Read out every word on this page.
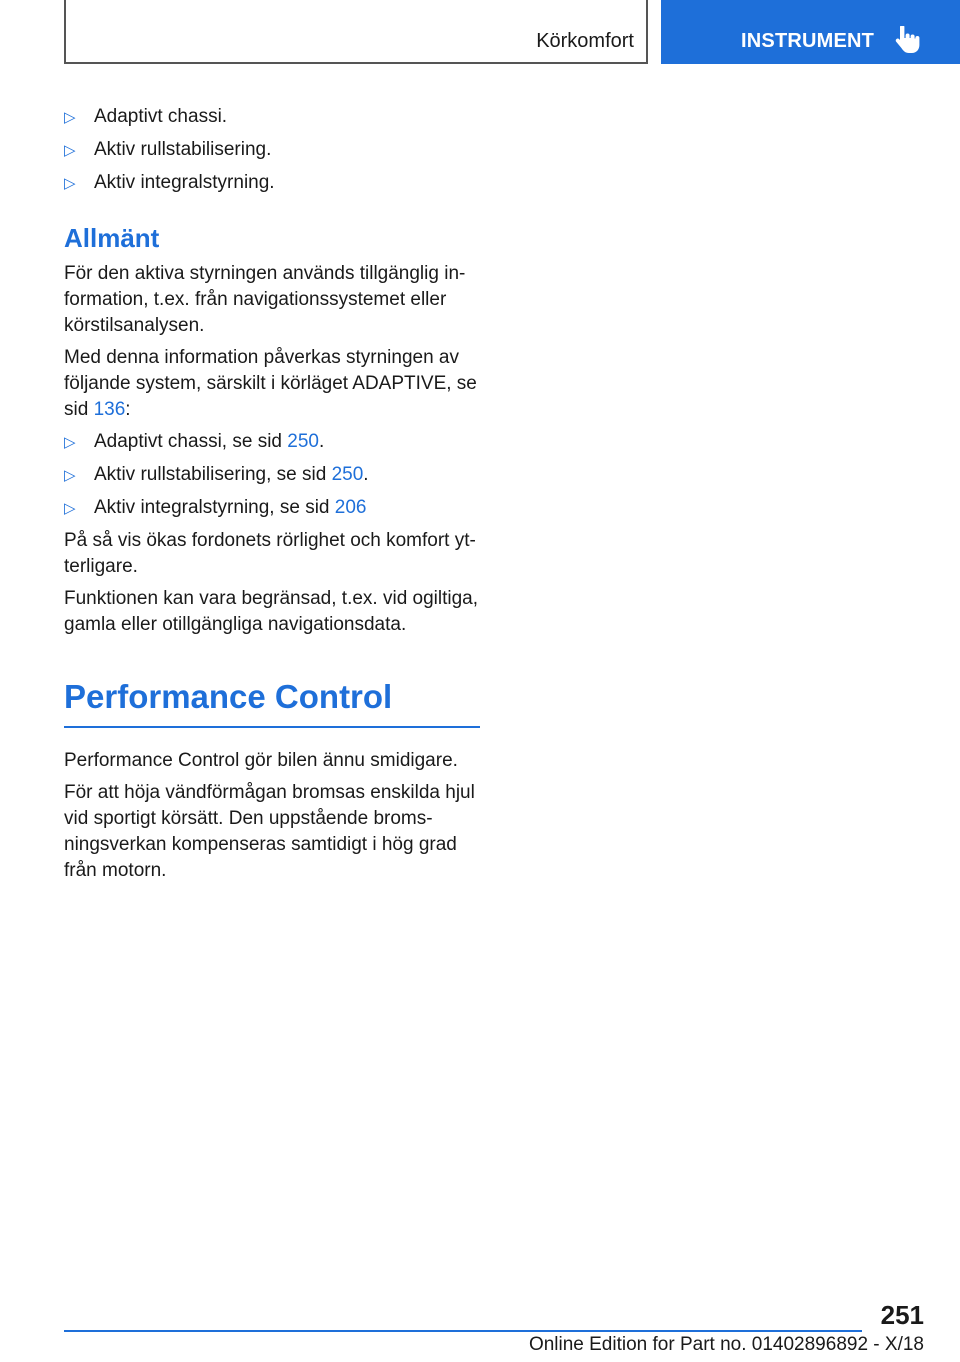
Körkomfort	INSTRUMENT
▷ Adaptivt chassi.
▷ Aktiv rullstabilisering.
▷ Aktiv integralstyrning.
Allmänt

För den aktiva styrningen används tillgänglig in-formation, t.ex. från navigationssystemet eller körstilsanalysen.

Med denna information påverkas styrningen av följande system, särskilt i körläget ADAPTIVE, se sid 136:

▷ Adaptivt chassi, se sid 250.
▷ Aktiv rullstabilisering, se sid 250.
▷ Aktiv integralstyrning, se sid 206

På så vis ökas fordonets rörlighet och komfort yt-terligare.

Funktionen kan vara begränsad, t.ex. vid ogiltiga, gamla eller otillgängliga navigationsdata.

Performance Control

Performance Control gör bilen ännu smidigare.

För att höja vändförmågan bromsas enskilda hjul vid sportigt körsätt. Den uppstående broms-ningsverkan kompenseras samtidigt i hög grad från motorn.

251
Online Edition for Part no. 01402896892 - X/18
